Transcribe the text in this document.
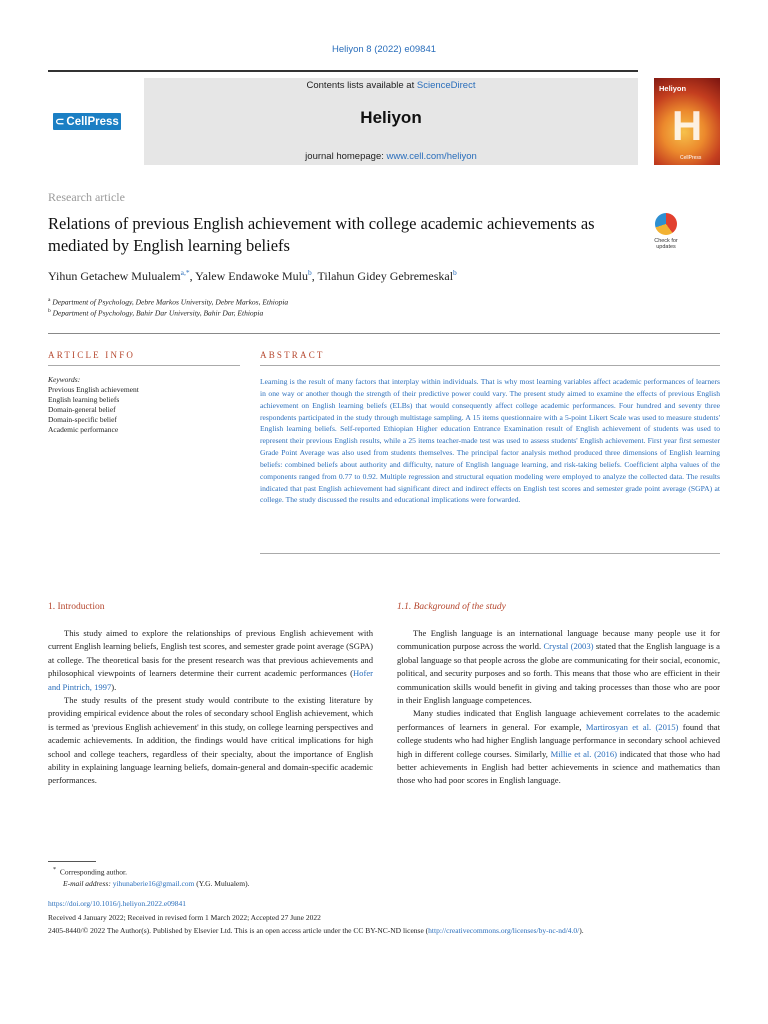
Heliyon 8 (2022) e09841
⊂ CellPress
Contents lists available at ScienceDirect
Heliyon
journal homepage: www.cell.com/heliyon
Heliyon
H
CellPress
Research article
Relations of previous English achievement with college academic achievements as mediated by English learning beliefs	Check for updates
Yihun Getachew Mulualem$^{a,*}$, Yalew Endawoke Mulu$^b$, Tilahun Gidey Gebremeskal$^b$
$^a$ Department of Psychology, Debre Markos University, Debre Markos, Ethiopia
$^b$ Department of Psychology, Bahir Dar University, Bahir Dar, Ethiopia
ARTICLE INFO
Keywords:
Previous English achievement
English learning beliefs
Domain-general belief
Domain-specific belief
Academic performance
ABSTRACT
Learning is the result of many factors that interplay within individuals. That is why most learning variables affect academic performances of learners in one way or another though the strength of their predictive power could vary. The present study aimed to examine the effects of previous English achievement on English learning beliefs (ELBs) that would consequently affect college academic performances. Four hundred and seventy three respondents participated in the study through multistage sampling. A 15 items questionnaire with a 5-point Likert Scale was used to measure students' English learning beliefs. Self-reported Ethiopian Higher education Entrance Examination result of English achievement of students was used to represent their previous English results, while a 25 items teacher-made test was used to assess students' English achievement. First year first semester Grade Point Average was also used from students themselves. The principal factor analysis method produced three dimensions of English learning beliefs: combined beliefs about authority and difficulty, nature of English language learning, and risk-taking beliefs. Coefficient alpha values of the components ranged from 0.77 to 0.92. Multiple regression and structural equation modeling were employed to analyze the collected data. The results indicated that past English achievement had significant direct and indirect effects on English test scores and semester grade point average (SGPA) at college. The study discussed the results and educational implications were forwarded.
1. Introduction	1.1. Background of the study

This study aimed to explore the relationships of previous English achievement with current English learning beliefs, English test scores, and semester grade point average (SGPA) at college. The theoretical basis for the present research was that previous achievements and philosophical viewpoints of learners determine their current academic performances (Hofer and Pintrich, 1997).

The study results of the present study would contribute to the existing literature by providing empirical evidence about the roles of secondary school English achievement, which is termed as 'previous English achievement' in this study, on college learning perspectives and academic achievements. In addition, the findings would have critical implications for high school and college teachers, regardless of their specialty, about the importance of English ability in explaining language learning beliefs, domain-general and domain-specific academic performances.

The English language is an international language because many people use it for communication purpose across the world. Crystal (2003) stated that the English language is a global language so that people across the globe are communicating for their social, economic, political, and security purposes and so forth. This means that those who are efficient in their communication skills would benefit in giving and taking processes than those who are poor in their English language competences.

Many studies indicated that English language achievement correlates to the academic performances of learners in general. For example, Martirosyan et al. (2015) found that college students who had higher English language performance in secondary school achieved high in different college courses. Similarly, Millie et al. (2016) indicated that those who had better achievements in English had better achievements in science and mathematics than those who had poor scores in English language.

* Corresponding author.
E-mail address: yihunaberie16@gmail.com (Y.G. Mulualem).
https://doi.org/10.1016/j.heliyon.2022.e09841
Received 4 January 2022; Received in revised form 1 March 2022; Accepted 27 June 2022
2405-8440/© 2022 The Author(s). Published by Elsevier Ltd. This is an open access article under the CC BY-NC-ND license (http://creativecommons.org/licenses/by-nc-nd/4.0/).
